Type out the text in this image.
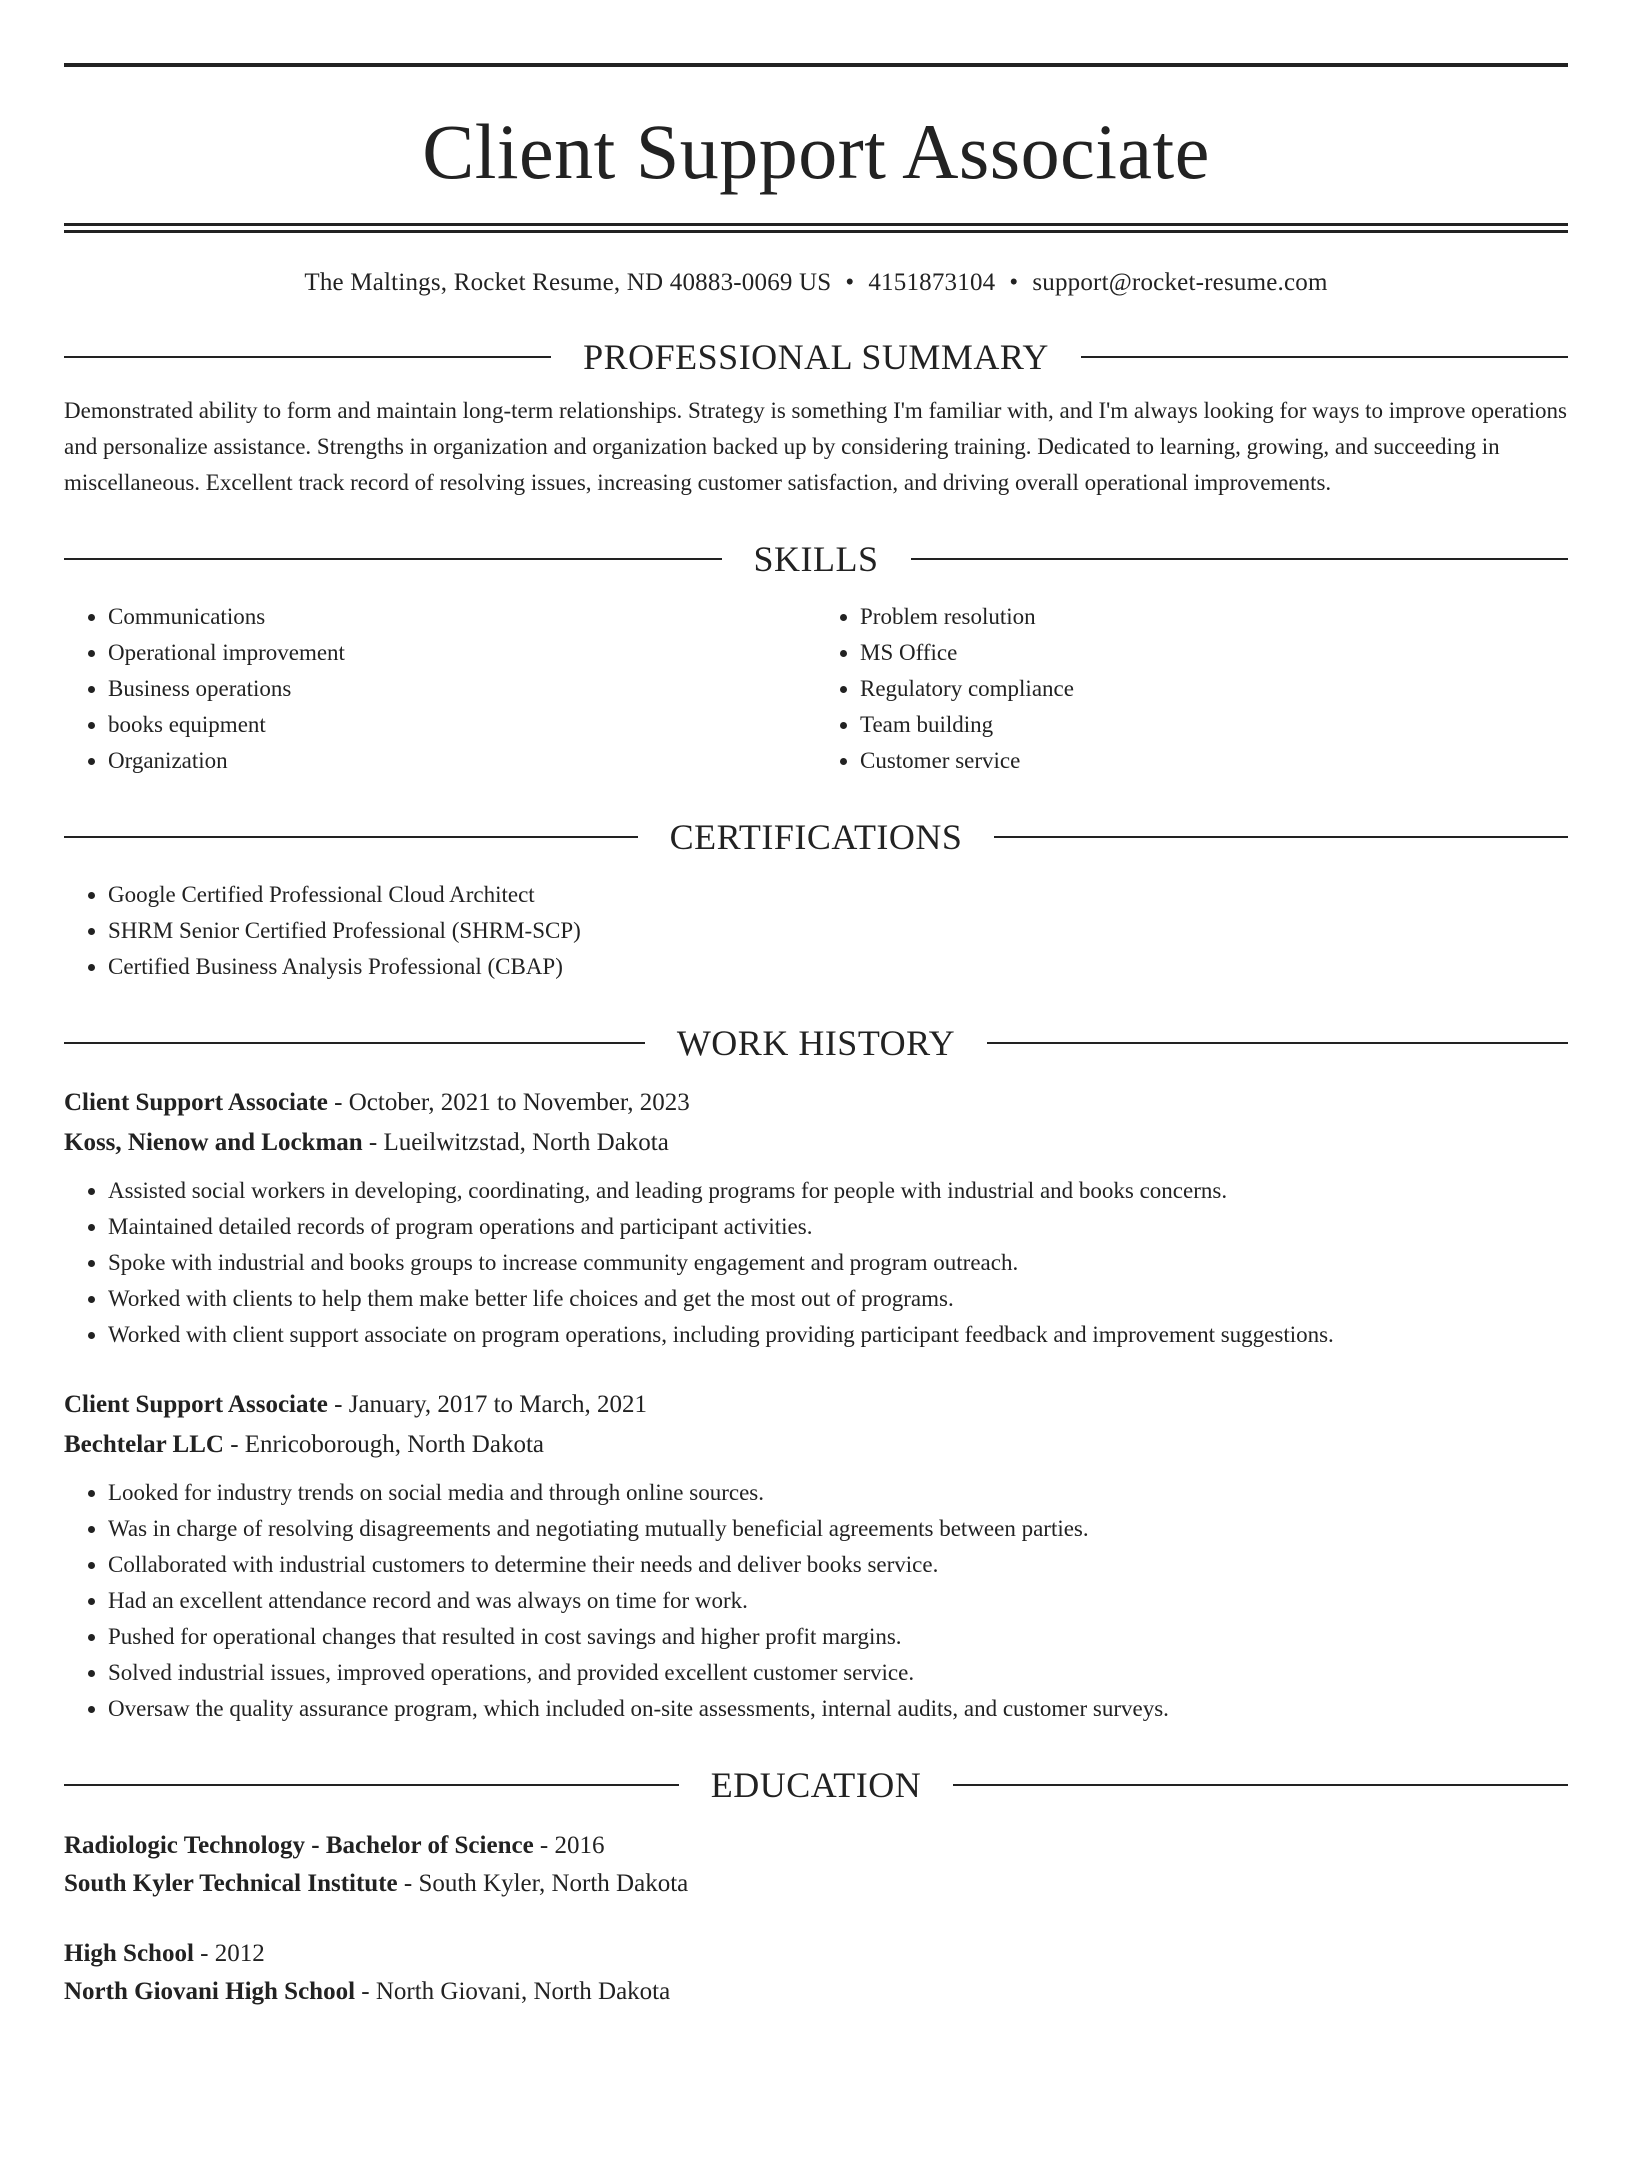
Client Support Associate
The Maltings, Rocket Resume, ND 40883-0069 US • 4151873104 • support@rocket-resume.com
PROFESSIONAL SUMMARY
Demonstrated ability to form and maintain long-term relationships. Strategy is something I'm familiar with, and I'm always looking for ways to improve operations and personalize assistance. Strengths in organization and organization backed up by considering training. Dedicated to learning, growing, and succeeding in miscellaneous. Excellent track record of resolving issues, increasing customer satisfaction, and driving overall operational improvements.
SKILLS
• Communications
• Operational improvement
• Business operations
• books equipment
• Organization
• Problem resolution
• MS Office
• Regulatory compliance
• Team building
• Customer service
CERTIFICATIONS
• Google Certified Professional Cloud Architect
• SHRM Senior Certified Professional (SHRM-SCP)
• Certified Business Analysis Professional (CBAP)
WORK HISTORY
Client Support Associate - October, 2021 to November, 2023
Koss, Nienow and Lockman - Lueilwitzstad, North Dakota
• Assisted social workers in developing, coordinating, and leading programs for people with industrial and books concerns.
• Maintained detailed records of program operations and participant activities.
• Spoke with industrial and books groups to increase community engagement and program outreach.
• Worked with clients to help them make better life choices and get the most out of programs.
• Worked with client support associate on program operations, including providing participant feedback and improvement suggestions.
Client Support Associate - January, 2017 to March, 2021
Bechtelar LLC - Enricoborough, North Dakota
• Looked for industry trends on social media and through online sources.
• Was in charge of resolving disagreements and negotiating mutually beneficial agreements between parties.
• Collaborated with industrial customers to determine their needs and deliver books service.
• Had an excellent attendance record and was always on time for work.
• Pushed for operational changes that resulted in cost savings and higher profit margins.
• Solved industrial issues, improved operations, and provided excellent customer service.
• Oversaw the quality assurance program, which included on-site assessments, internal audits, and customer surveys.
EDUCATION
Radiologic Technology - Bachelor of Science - 2016
South Kyler Technical Institute - South Kyler, North Dakota
High School - 2012
North Giovani High School - North Giovani, North Dakota
